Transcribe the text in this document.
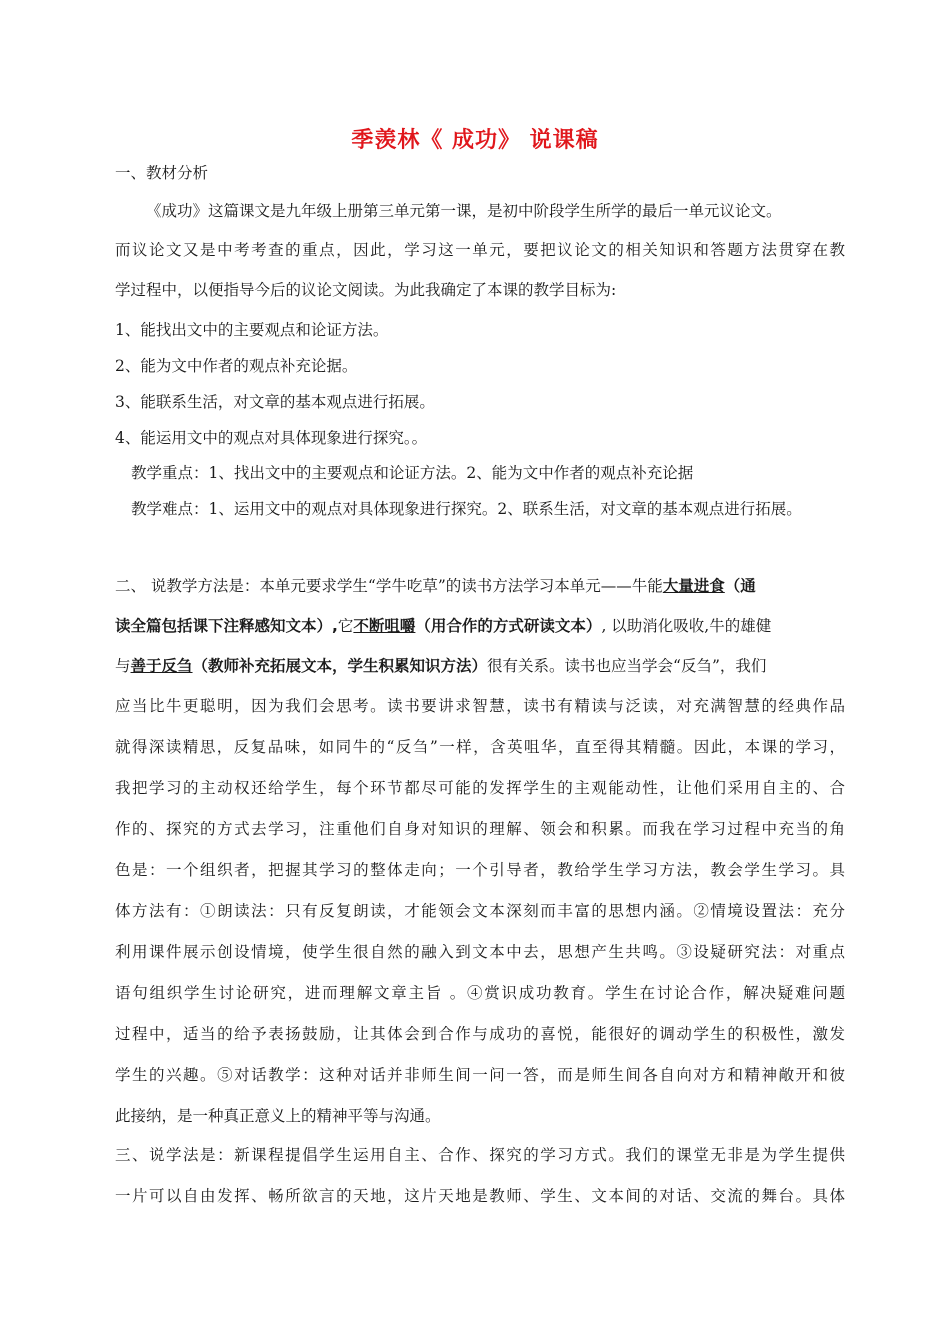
季羡林《 成功》 说课稿
一、教材分析
《成功》这篇课文是九年级上册第三单元第一课，是初中阶段学生所学的最后一单元议论文。
而议论文又是中考考查的重点，因此，学习这一单元，要把议论文的相关知识和答题方法贯穿在教
学过程中，以便指导今后的议论文阅读。为此我确定了本课的教学目标为:
1、能找出文中的主要观点和论证方法。
2、能为文中作者的观点补充论据。
3、能联系生活，对文章的基本观点进行拓展。
4、能运用文中的观点对具体现象进行探究。。
教学重点：1、找出文中的主要观点和论证方法。2、能为文中作者的观点补充论据
教学难点：1、运用文中的观点对具体现象进行探究。2、联系生活，对文章的基本观点进行拓展。
二、 说教学方法是：本单元要求学生“学牛吃草”的读书方法学习本单元——牛能大量进食（通
读全篇包括课下注释感知文本）,它不断咀嚼（用合作的方式研读文本）, 以助消化吸收,牛的雄健
与善于反刍（教师补充拓展文本，学生积累知识方法）很有关系。读书也应当学会“反刍”，我们
应当比牛更聪明，因为我们会思考。读书要讲求智慧，读书有精读与泛读，对充满智慧的经典作品
就得深读精思，反复品味，如同牛的“反刍”一样，含英咀华，直至得其精髓。因此，本课的学习，
我把学习的主动权还给学生，每个环节都尽可能的发挥学生的主观能动性，让他们采用自主的、合
作的、探究的方式去学习，注重他们自身对知识的理解、领会和积累。而我在学习过程中充当的角
色是：一个组织者，把握其学习的整体走向；一个引导者，教给学生学习方法，教会学生学习。具
体方法有：①朗读法：只有反复朗读，才能领会文本深刻而丰富的思想内涵。②情境设置法：充分
利用课件展示创设情境，使学生很自然的融入到文本中去，思想产生共鸣。③设疑研究法：对重点
语句组织学生讨论研究，进而理解文章主旨 。④赏识成功教育。学生在讨论合作，解决疑难问题
过程中，适当的给予表扬鼓励，让其体会到合作与成功的喜悦，能很好的调动学生的积极性，激发
学生的兴趣。⑤对话教学：这种对话并非师生间一问一答，而是师生间各自向对方和精神敞开和彼
此接纳，是一种真正意义上的精神平等与沟通。
三、说学法是：新课程提倡学生运用自主、合作、探究的学习方式。我们的课堂无非是为学生提供
一片可以自由发挥、畅所欲言的天地，这片天地是教师、学生、文本间的对话、交流的舞台。具体
